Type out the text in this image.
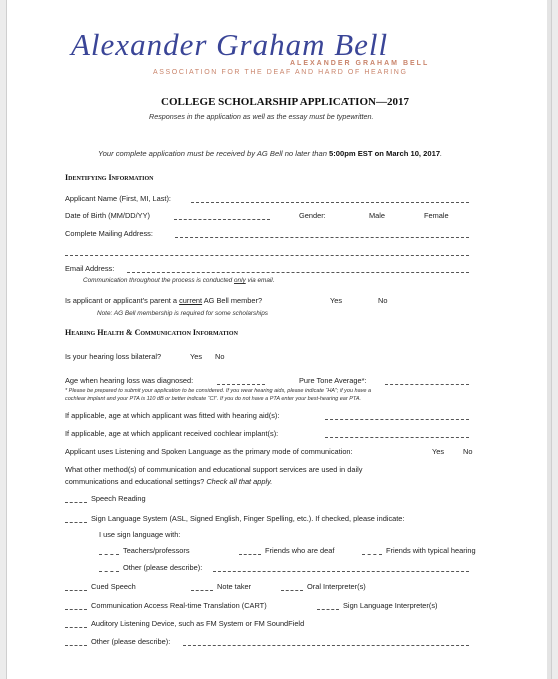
Alexander Graham Bell
ALEXANDER GRAHAM BELL
ASSOCIATION FOR THE DEAF AND HARD OF HEARING
COLLEGE SCHOLARSHIP APPLICATION—2017
Responses in the application as well as the essay must be typewritten.
Your complete application must be received by AG Bell no later than 5:00pm EST on March 10, 2017.
Identifying Information
Applicant Name (First, MI, Last):
Date of Birth (MM/DD/YY)	Gender:	Male	Female
Complete Mailing Address:
Email Address:
Communication throughout the process is conducted only via email.
Is applicant or applicant’s parent a current AG Bell member?	Yes	No
Note: AG Bell membership is required for some scholarships
Hearing Health & Communication Information
Is your hearing loss bilateral?	Yes No
Age when hearing loss was diagnosed:	Pure Tone Average*:
* Please be prepared to submit your application to be considered. If you wear hearing aids, please indicate “HA”; if you have a
cochlear implant and your PTA is 110 dB or better indicate “CI”. If you do not have a PTA enter your best-hearing ear PTA.
If applicable, age at which applicant was fitted with hearing aid(s):
If applicable, age at which applicant received cochlear implant(s):
Applicant uses Listening and Spoken Language as the primary mode of communication:	Yes	No
What other method(s) of communication and educational support services are used in daily
communications and educational settings? Check all that apply.
Speech Reading
Sign Language System (ASL, Signed English, Finger Spelling, etc.). If checked, please indicate:
I use sign language with:
Teachers/professors	Friends who are deaf	Friends with typical hearing
Other (please describe):
Cued Speech	Note taker	Oral Interpreter(s)
Communication Access Real-time Translation (CART)	Sign Language Interpreter(s)
Auditory Listening Device, such as FM System or FM SoundField
Other (please describe):
